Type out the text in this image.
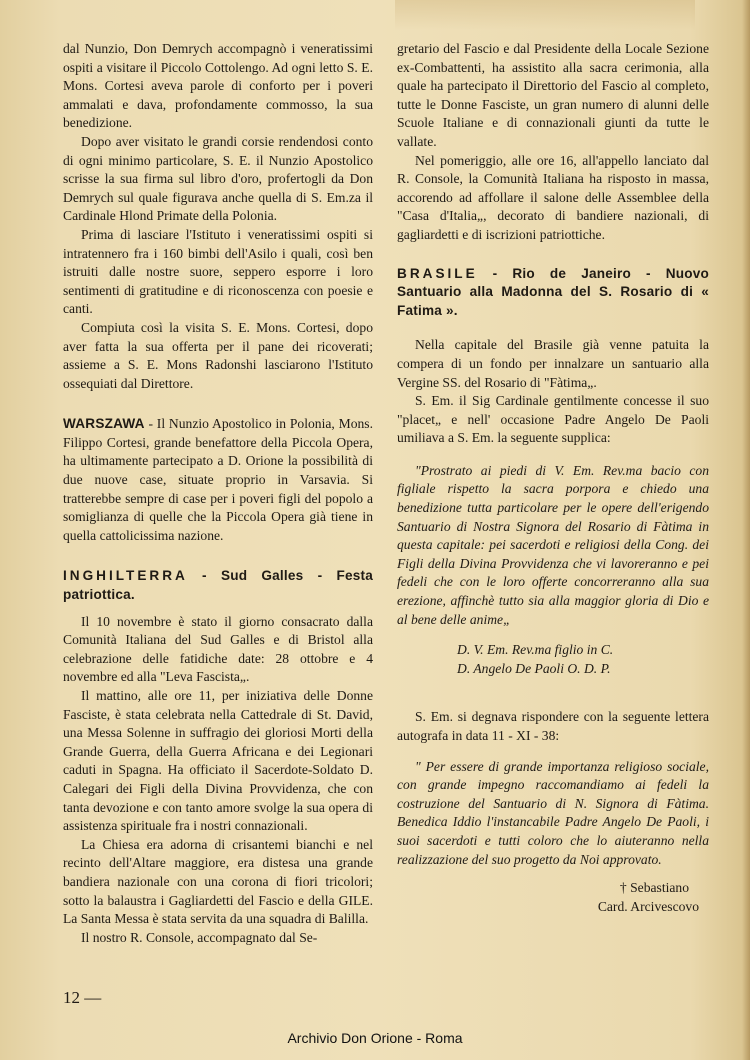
dal Nunzio, Don Demrych accompagnò i veneratissimi ospiti a visitare il Piccolo Cottolengo. Ad ogni letto S. E. Mons. Cortesi aveva parole di conforto per i poveri ammalati e dava, profondamente commosso, la sua benedizione.

Dopo aver visitato le grandi corsie rendendosi conto di ogni minimo particolare, S. E. il Nunzio Apostolico scrisse la sua firma sul libro d'oro, profertogli da Don Demrych sul quale figurava anche quella di S. Em.za il Cardinale Hlond Primate della Polonia.

Prima di lasciare l'Istituto i veneratissimi ospiti si intratennero fra i 160 bimbi dell'Asilo i quali, così ben istruiti dalle nostre suore, seppero esporre i loro sentimenti di gratitudine e di riconoscenza con poesie e canti.

Compiuta così la visita S. E. Mons. Cortesi, dopo aver fatta la sua offerta per il pane dei ricoverati; assieme a S. E. Mons Radonshi lasciarono l'Istituto ossequiati dal Direttore.

WARSZAWA - Il Nunzio Apostolico in Polonia, Mons. Filippo Cortesi, grande benefattore della Piccola Opera, ha ultimamente partecipato a D. Orione la possibilità di due nuove case, situate proprio in Varsavia. Si tratterebbe sempre di case per i poveri figli del popolo a somiglianza di quelle che la Piccola Opera già tiene in quella cattolicissima nazione.

INGHILTERRA - Sud Galles - Festa patriottica.

Il 10 novembre è stato il giorno consacrato dalla Comunità Italiana del Sud Galles e di Bristol alla celebrazione delle fatidiche date: 28 ottobre e 4 novembre ed alla "Leva Fascista„.

Il mattino, alle ore 11, per iniziativa delle Donne Fasciste, è stata celebrata nella Cattedrale di St. David, una Messa Solenne in suffragio dei gloriosi Morti della Grande Guerra, della Guerra Africana e dei Legionari caduti in Spagna. Ha officiato il Sacerdote-Soldato D. Calegari dei Figli della Divina Provvidenza, che con tanta devozione e con tanto amore svolge la sua opera di assistenza spirituale fra i nostri connazionali.

La Chiesa era adorna di crisantemi bianchi e nel recinto dell'Altare maggiore, era distesa una grande bandiera nazionale con una corona di fiori tricolori; sotto la balaustra i Gagliardetti del Fascio e della GILE. La Santa Messa è stata servita da una squadra di Balilla.

Il nostro R. Console, accompagnato dal Se-

gretario del Fascio e dal Presidente della Locale Sezione ex-Combattenti, ha assistito alla sacra cerimonia, alla quale ha partecipato il Direttorio del Fascio al completo, tutte le Donne Fasciste, un gran numero di alunni delle Scuole Italiane e di connazionali giunti da tutte le vallate.

Nel pomeriggio, alle ore 16, all'appello lanciato dal R. Console, la Comunità Italiana ha risposto in massa, accorendo ad affollare il salone delle Assemblee della "Casa d'Italia„, decorato di bandiere nazionali, di gagliardetti e di iscrizioni patriottiche.

BRASILE - Rio de Janeiro - Nuovo Santuario alla Madonna del S. Rosario di « Fatima ».

Nella capitale del Brasile già venne patuita la compera di un fondo per innalzare un santuario alla Vergine SS. del Rosario di "Fàtima„.

S. Em. il Sig Cardinale gentilmente concesse il suo "placet„ e nell' occasione Padre Angelo De Paoli umiliava a S. Em. la seguente supplica:

"Prostrato ai piedi di V. Em. Rev.ma bacio con figliale rispetto la sacra porpora e chiedo una benedizione tutta particolare per le opere dell'erigendo Santuario di Nostra Signora del Rosario di Fàtima in questa capitale: pei sacerdoti e religiosi della Cong. dei Figli della Divina Provvidenza che vi lavoreranno e pei fedeli che con le loro offerte concorreranno alla sua erezione, affinchè tutto sia alla maggior gloria di Dio e al bene delle anime„

D. V. Em. Rev.ma figlio in C.

D. Angelo De Paoli O. D. P.

S. Em. si degnava rispondere con la seguente lettera autografa in data 11 - XI - 38:

" Per essere di grande importanza religioso sociale, con grande impegno raccomandiamo ai fedeli la costruzione del Santuario di N. Signora di Fàtima. Benedica Iddio l'instancabile Padre Angelo De Paoli, i suoi sacerdoti e tutti coloro che lo aiuteranno nella realizzazione del suo progetto da Noi approvato.

† Sebastiano

Card. Arcivescovo

12 —
Archivio Don Orione - Roma
